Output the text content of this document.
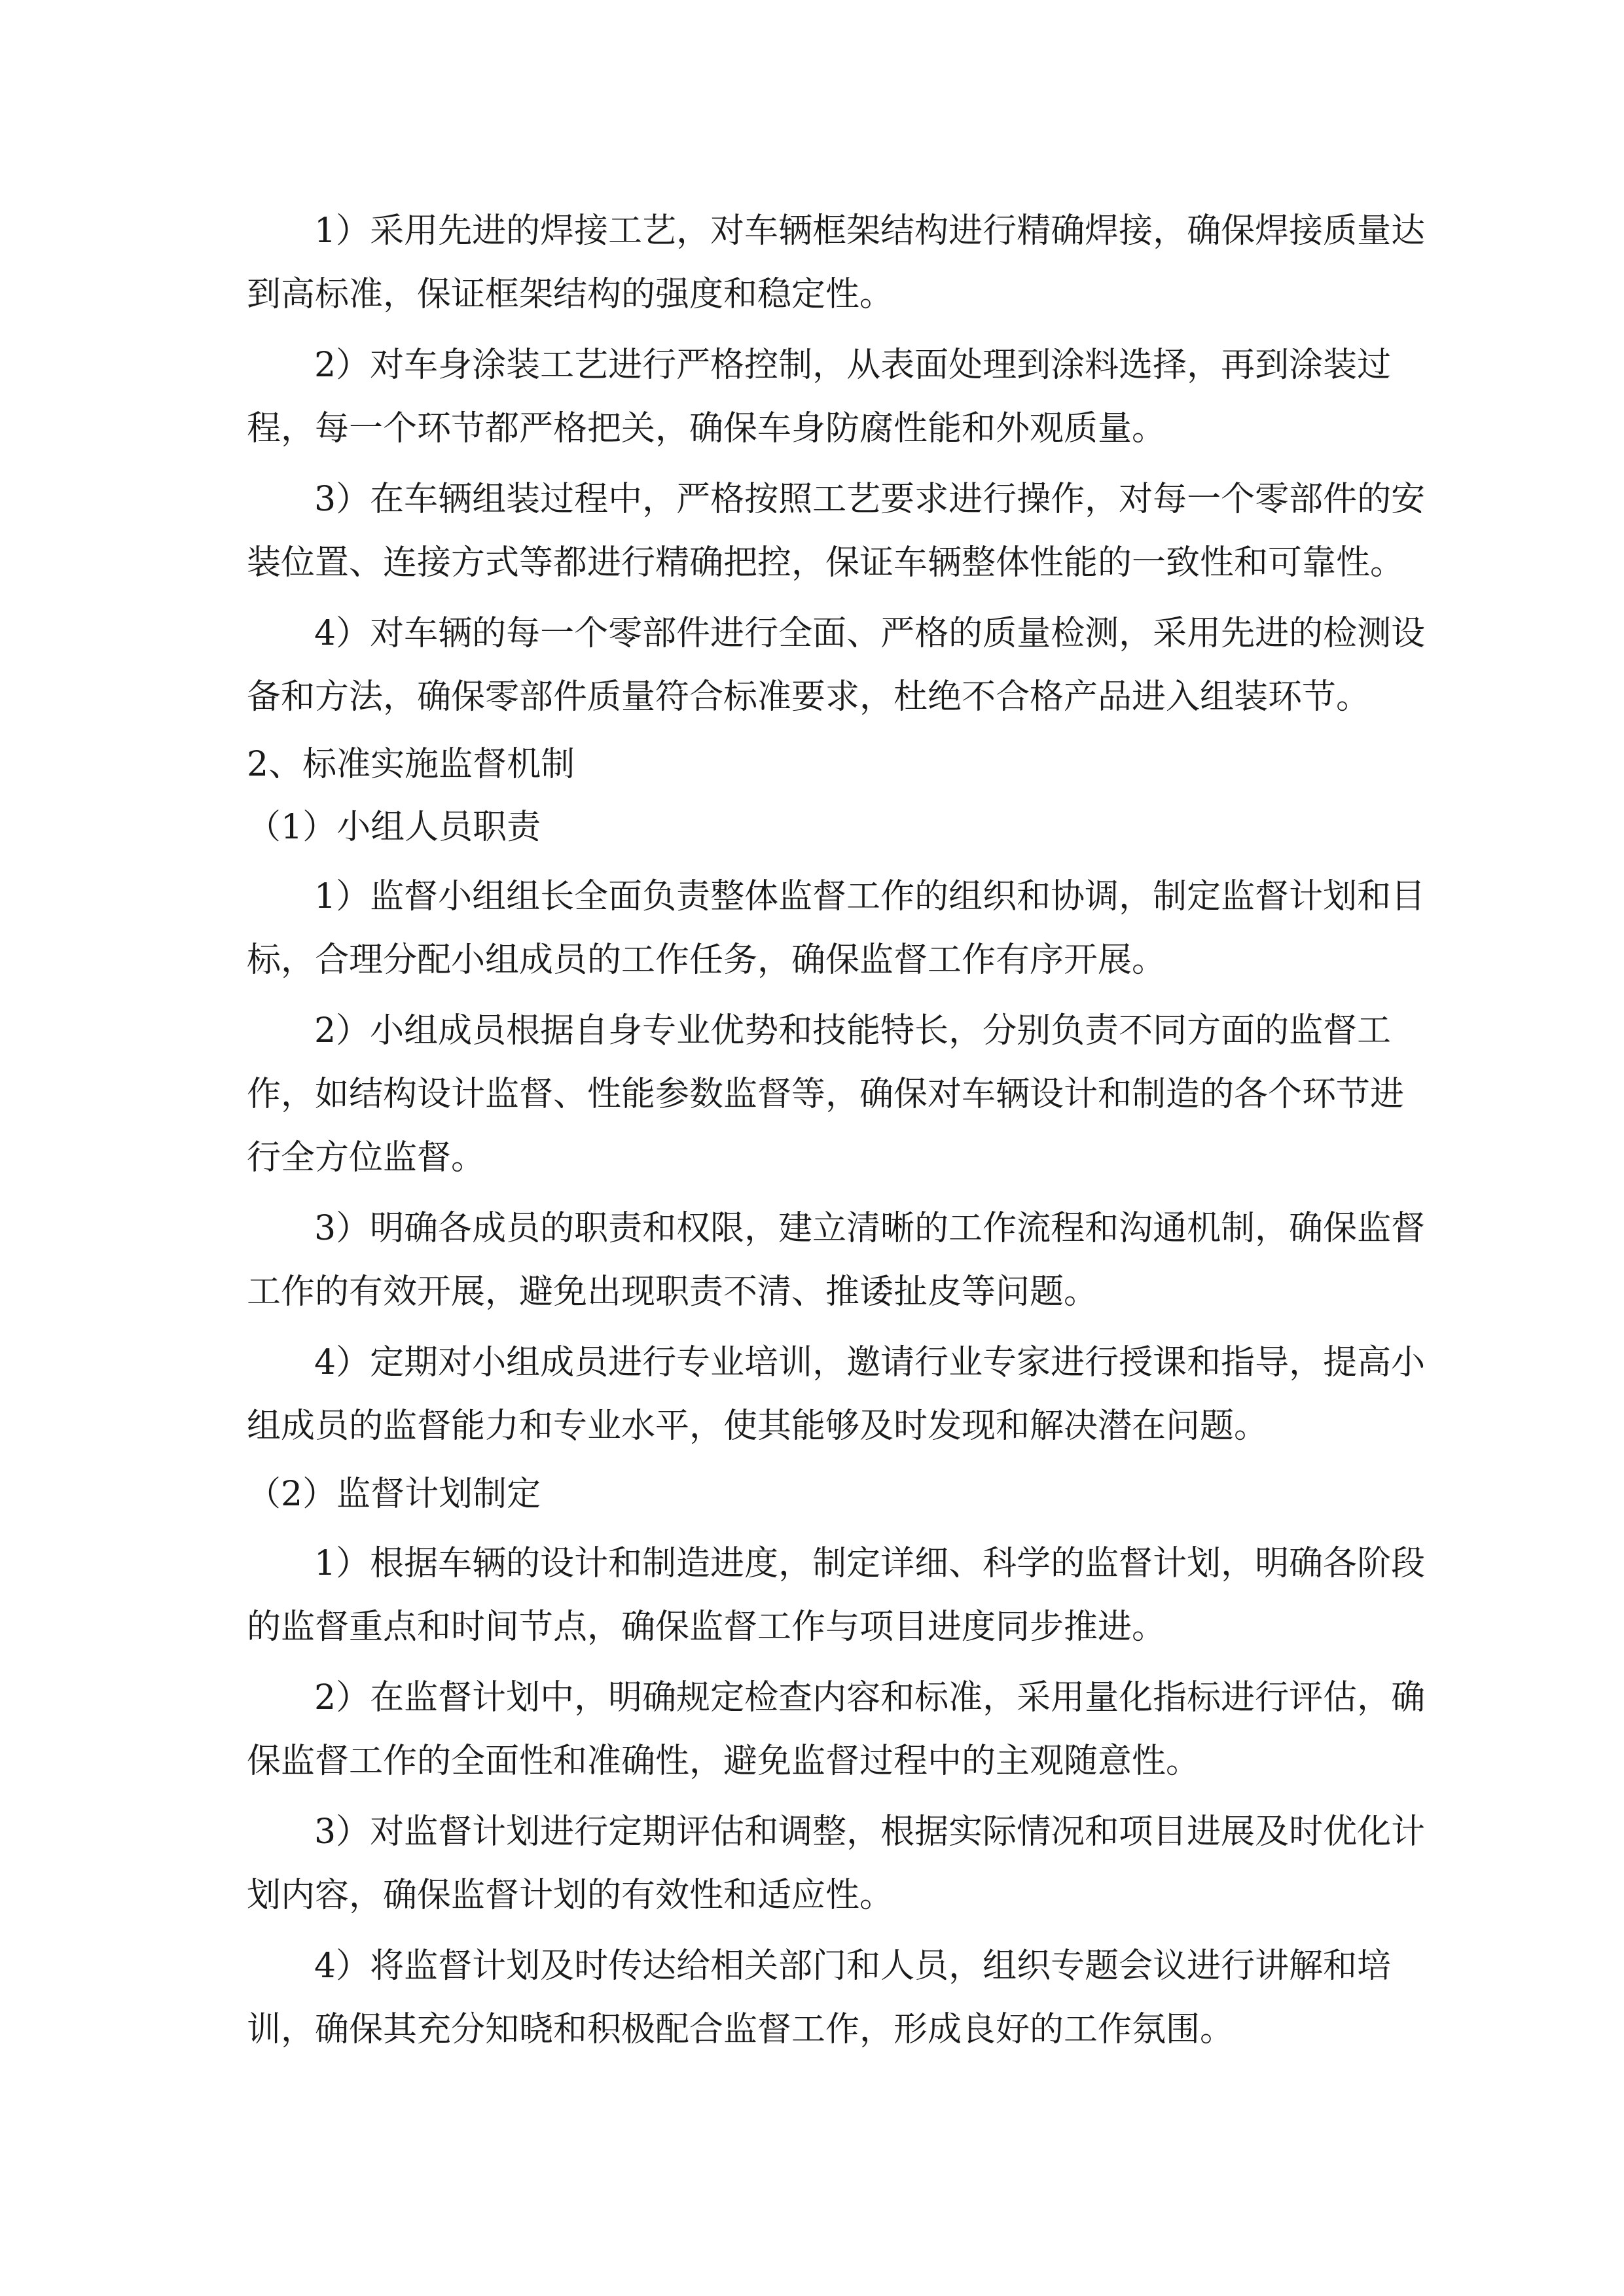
1）采用先进的焊接工艺，对车辆框架结构进行精确焊接，确保焊接质量达
到高标准，保证框架结构的强度和稳定性。
2）对车身涂装工艺进行严格控制，从表面处理到涂料选择，再到涂装过
程，每一个环节都严格把关，确保车身防腐性能和外观质量。
3）在车辆组装过程中，严格按照工艺要求进行操作，对每一个零部件的安
装位置、连接方式等都进行精确把控，保证车辆整体性能的一致性和可靠性。
4）对车辆的每一个零部件进行全面、严格的质量检测，采用先进的检测设
备和方法，确保零部件质量符合标准要求，杜绝不合格产品进入组装环节。
2、标准实施监督机制
（1）小组人员职责
1）监督小组组长全面负责整体监督工作的组织和协调，制定监督计划和目
标，合理分配小组成员的工作任务，确保监督工作有序开展。
2）小组成员根据自身专业优势和技能特长，分别负责不同方面的监督工
作，如结构设计监督、性能参数监督等，确保对车辆设计和制造的各个环节进
行全方位监督。
3）明确各成员的职责和权限，建立清晰的工作流程和沟通机制，确保监督
工作的有效开展，避免出现职责不清、推诿扯皮等问题。
4）定期对小组成员进行专业培训，邀请行业专家进行授课和指导，提高小
组成员的监督能力和专业水平，使其能够及时发现和解决潜在问题。
（2）监督计划制定
1）根据车辆的设计和制造进度，制定详细、科学的监督计划，明确各阶段
的监督重点和时间节点，确保监督工作与项目进度同步推进。
2）在监督计划中，明确规定检查内容和标准，采用量化指标进行评估，确
保监督工作的全面性和准确性，避免监督过程中的主观随意性。
3）对监督计划进行定期评估和调整，根据实际情况和项目进展及时优化计
划内容，确保监督计划的有效性和适应性。
4）将监督计划及时传达给相关部门和人员，组织专题会议进行讲解和培
训，确保其充分知晓和积极配合监督工作，形成良好的工作氛围。
